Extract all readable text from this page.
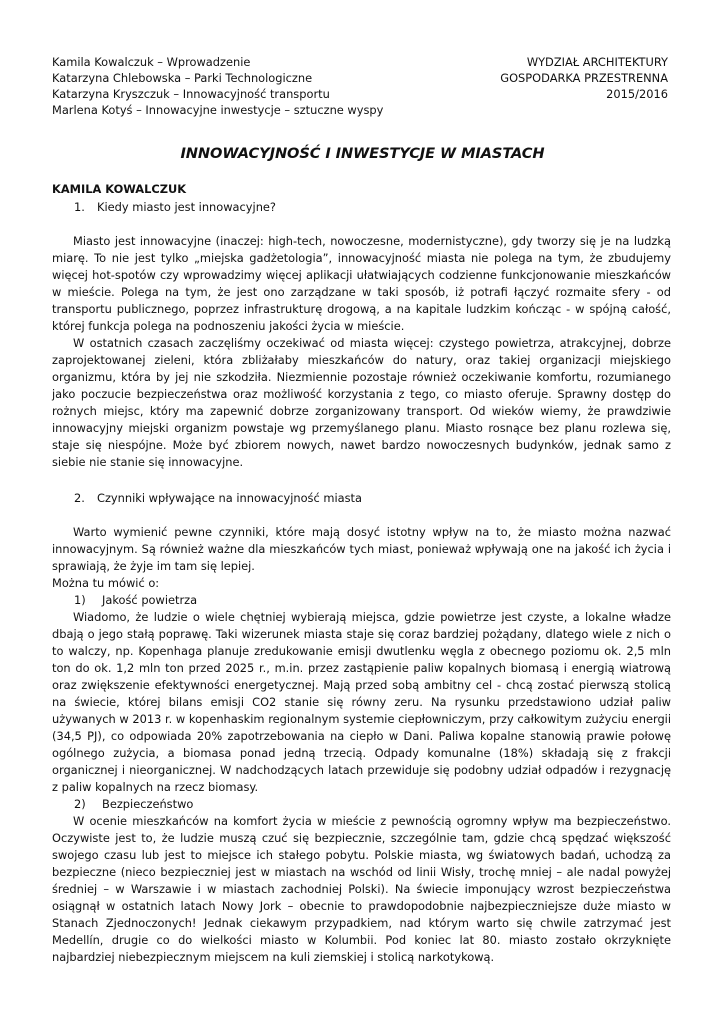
Kamila Kowalczuk – Wprowadzenie
Katarzyna Chlebowska – Parki Technologiczne
Katarzyna Kryszczuk – Innowacyjność transportu
Marlena Kotyś – Innowacyjne inwestycje – sztuczne wyspy
WYDZIAŁ ARCHITEKTURY
GOSPODARKA PRZESTRENNA
2015/2016
INNOWACYJNOŚĆ I INWESTYCJE W MIASTACH
KAMILA KOWALCZUK
1.	Kiedy miasto jest innowacyjne?

Miasto jest innowacyjne (inaczej: high-tech, nowoczesne, modernistyczne), gdy tworzy się je na ludzką miarę. To nie jest tylko „miejska gadżetologia”, innowacyjność miasta nie polega na tym, że zbudujemy więcej hot-spotów czy wprowadzimy więcej aplikacji ułatwiających codzienne funkcjonowanie mieszkańców w mieście. Polega na tym, że jest ono zarządzane w taki sposób, iż potrafi łączyć rozmaite sfery - od transportu publicznego, poprzez infrastrukturę drogową, a na kapitale ludzkim kończąc - w spójną całość, której funkcja polega na podnoszeniu jakości życia w mieście.

W ostatnich czasach zaczęliśmy oczekiwać od miasta więcej: czystego powietrza, atrakcyjnej, dobrze zaprojektowanej zieleni, która zbliżałaby mieszkańców do natury, oraz takiej organizacji miejskiego organizmu, która by jej nie szkodziła. Niezmiennie pozostaje również oczekiwanie komfortu, rozumianego jako poczucie bezpieczeństwa oraz możliwość korzystania z tego, co miasto oferuje. Sprawny dostęp do rożnych miejsc, który ma zapewnić dobrze zorganizowany transport. Od wieków wiemy, że prawdziwie innowacyjny miejski organizm powstaje wg przemyślanego planu. Miasto rosnące bez planu rozlewa się, staje się niespójne. Może być zbiorem nowych, nawet bardzo nowoczesnych budynków, jednak samo z siebie nie stanie się innowacyjne.

2.	Czynniki wpływające na innowacyjność miasta

Warto wymienić pewne czynniki, które mają dosyć istotny wpływ na to, że miasto można nazwać innowacyjnym. Są również ważne dla mieszkańców tych miast, ponieważ wpływają one na jakość ich życia i sprawiają, że żyje im tam się lepiej.

Można tu mówić o:

1)	Jakość powietrza

Wiadomo, że ludzie o wiele chętniej wybierają miejsca, gdzie powietrze jest czyste, a lokalne władze dbają o jego stałą poprawę. Taki wizerunek miasta staje się coraz bardziej pożądany, dlatego wiele z nich o to walczy, np. Kopenhaga planuje zredukowanie emisji dwutlenku węgla z obecnego poziomu ok. 2,5 mln ton do ok. 1,2 mln ton przed 2025 r., m.in. przez zastąpienie paliw kopalnych biomasą i energią wiatrową oraz zwiększenie efektywności energetycznej. Mają przed sobą ambitny cel - chcą zostać pierwszą stolicą na świecie, której bilans emisji CO2 stanie się równy zeru. Na rysunku przedstawiono udział paliw używanych w 2013 r. w kopenhaskim regionalnym systemie ciepłowniczym, przy całkowitym zużyciu energii (34,5 PJ), co odpowiada 20% zapotrzebowania na ciepło w Dani. Paliwa kopalne stanowią prawie połowę ogólnego zużycia, a biomasa ponad jedną trzecią. Odpady komunalne (18%) składają się z frakcji organicznej i nieorganicznej. W nadchodzących latach przewiduje się podobny udział odpadów i rezygnację z paliw kopalnych na rzecz biomasy.

2)	Bezpieczeństwo

W ocenie mieszkańców na komfort życia w mieście z pewnością ogromny wpływ ma bezpieczeństwo. Oczywiste jest to, że ludzie muszą czuć się bezpiecznie, szczególnie tam, gdzie chcą spędzać większość swojego czasu lub jest to miejsce ich stałego pobytu. Polskie miasta, wg światowych badań, uchodzą za bezpieczne (nieco bezpieczniej jest w miastach na wschód od linii Wisły, trochę mniej – ale nadal powyżej średniej – w Warszawie i w miastach zachodniej Polski). Na świecie imponujący wzrost bezpieczeństwa osiągnął w ostatnich latach Nowy Jork – obecnie to prawdopodobnie najbezpieczniejsze duże miasto w Stanach Zjednoczonych! Jednak ciekawym przypadkiem, nad którym warto się chwile zatrzymać jest Medellín, drugie co do wielkości miasto w Kolumbii. Pod koniec lat 80. miasto zostało okrzyknięte najbardziej niebezpiecznym miejscem na kuli ziemskiej i stolicą narkotykową.
